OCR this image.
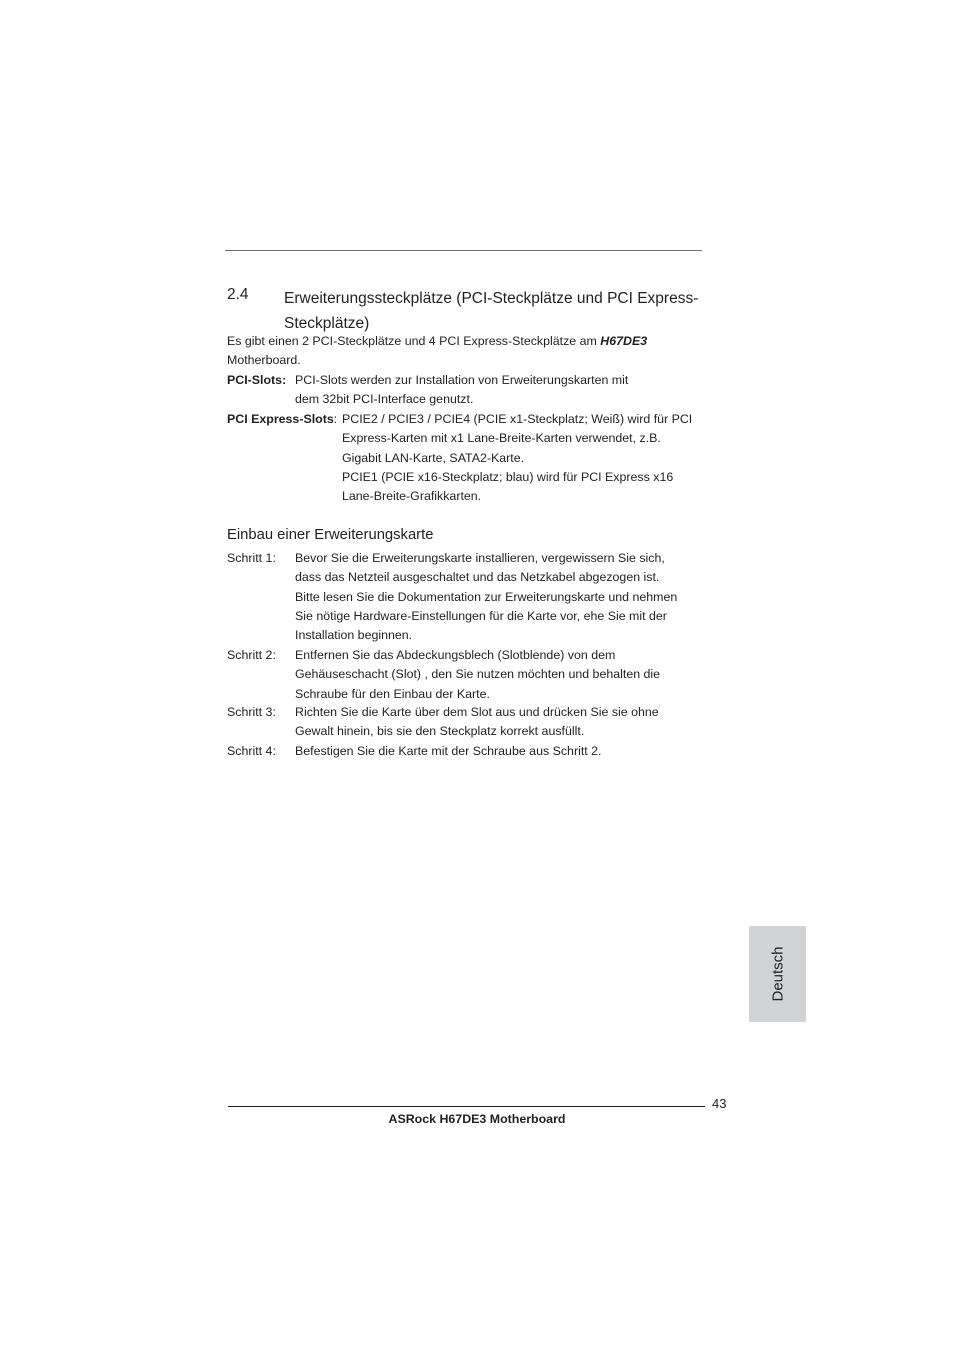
2.4 Erweiterungssteckplätze (PCI-Steckplätze und PCI Express-Steckplätze)
Es gibt einen 2 PCI-Steckplätze und 4 PCI Express-Steckplätze am H67DE3
Motherboard.
PCI-Slots: PCI-Slots werden zur Installation von Erweiterungskarten mit
dem 32bit PCI-Interface genutzt.
PCI Express-Slots: PCIE2 / PCIE3 / PCIE4 (PCIE x1-Steckplatz; Weiß) wird für PCI
Express-Karten mit x1 Lane-Breite-Karten verwendet, z.B.
Gigabit LAN-Karte, SATA2-Karte.
PCIE1 (PCIE x16-Steckplatz; blau) wird für PCI Express x16
Lane-Breite-Grafikkarten.
Einbau einer Erweiterungskarte
Schritt 1: Bevor Sie die Erweiterungskarte installieren, vergewissern Sie sich,
dass das Netzteil ausgeschaltet und das Netzkabel abgezogen ist.
Bitte lesen Sie die Dokumentation zur Erweiterungskarte und nehmen
Sie nötige Hardware-Einstellungen für die Karte vor, ehe Sie mit der
Installation beginnen.
Schritt 2: Entfernen Sie das Abdeckungsblech (Slotblende) von dem
Gehäuseschacht (Slot) , den Sie nutzen möchten und behalten die
Schraube für den Einbau der Karte.
Schritt 3: Richten Sie die Karte über dem Slot aus und drücken Sie sie ohne
Gewalt hinein, bis sie den Steckplatz korrekt ausfüllt.
Schritt 4: Befestigen Sie die Karte mit der Schraube aus Schritt 2.
Deutsch
43
ASRock H67DE3 Motherboard
